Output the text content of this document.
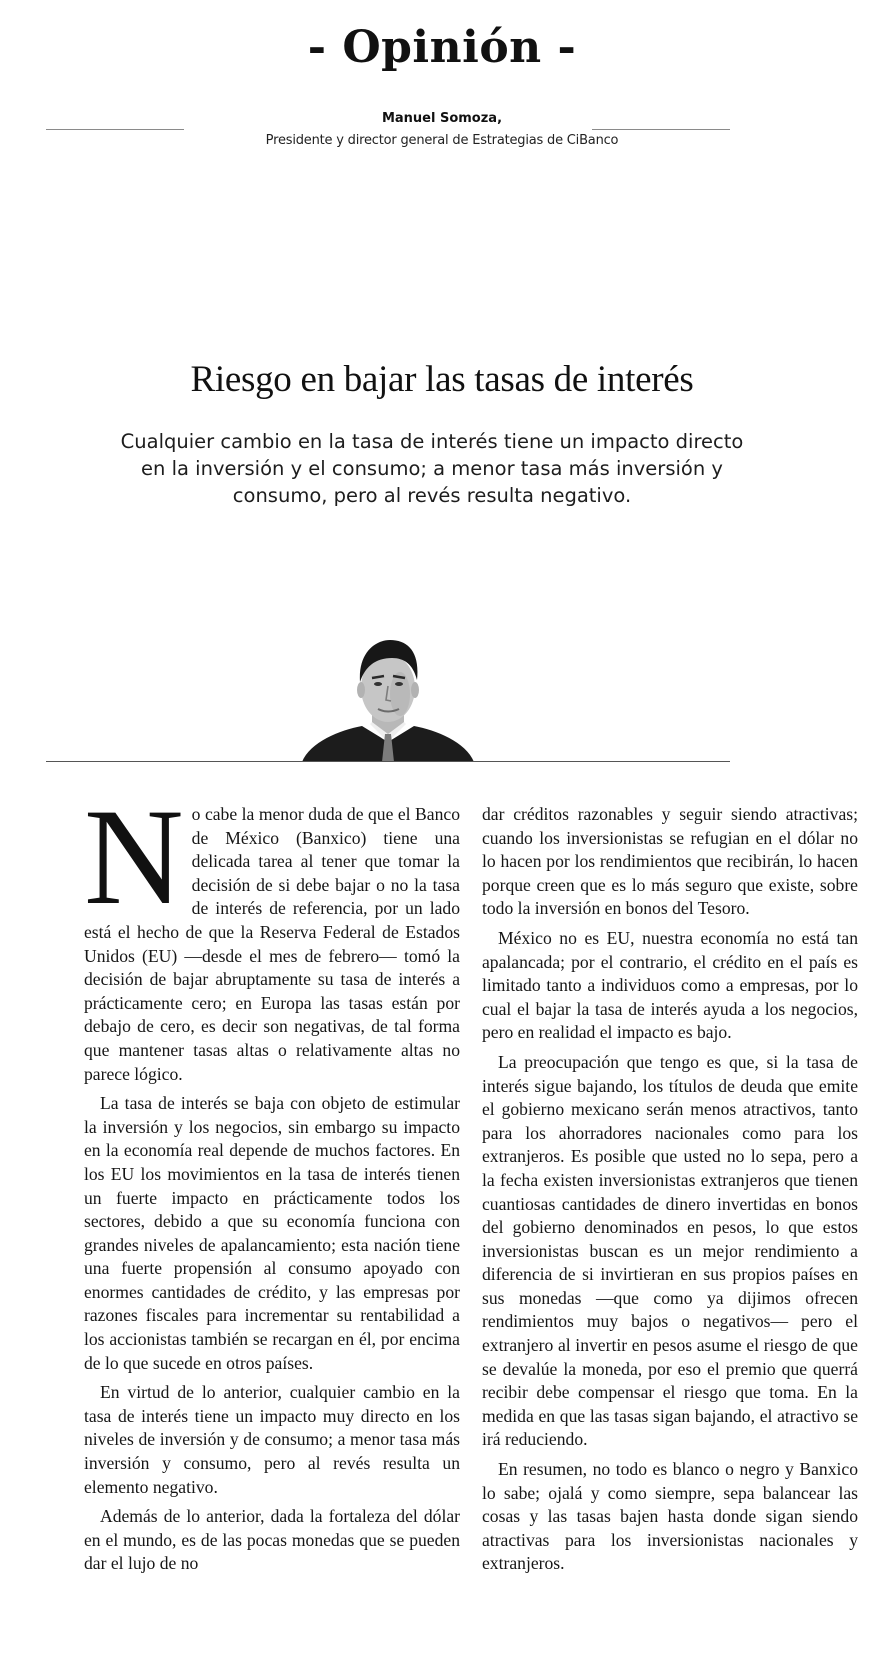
- Opinión -
Manuel Somoza,
Presidente y director general de Estrategias de CiBanco
Riesgo en bajar las tasas de interés
Cualquier cambio en la tasa de interés tiene un impacto directo en la inversión y el consumo; a menor tasa más inversión y consumo, pero al revés resulta negativo.

No cabe la menor duda de que el Banco de México (Banxico) tiene una delicada tarea al tener que tomar la decisión de si debe bajar o no la tasa de interés de referencia, por un lado está el hecho de que la Reserva Federal de Estados Unidos (EU) —desde el mes de febrero— tomó la decisión de bajar abruptamente su tasa de interés a prácticamente cero; en Europa las tasas están por debajo de cero, es decir son negativas, de tal forma que mantener tasas altas o relativamente altas no parece lógico.

La tasa de interés se baja con objeto de estimular la inversión y los negocios, sin embargo su impacto en la economía real depende de muchos factores. En los EU los movimientos en la tasa de interés tienen un fuerte impacto en prácticamente todos los sectores, debido a que su economía funciona con grandes niveles de apalancamiento; esta nación tiene una fuerte propensión al consumo apoyado con enormes cantidades de crédito, y las empresas por razones fiscales para incrementar su rentabilidad a los accionistas también se recargan en él, por encima de lo que sucede en otros países.

En virtud de lo anterior, cualquier cambio en la tasa de interés tiene un impacto muy directo en los niveles de inversión y de consumo; a menor tasa más inversión y consumo, pero al revés resulta un elemento negativo.

Además de lo anterior, dada la fortaleza del dólar en el mundo, es de las pocas monedas que se pueden dar el lujo de no

dar créditos razonables y seguir siendo atractivas; cuando los inversionistas se refugian en el dólar no lo hacen por los rendimientos que recibirán, lo hacen porque creen que es lo más seguro que existe, sobre todo la inversión en bonos del Tesoro.

México no es EU, nuestra economía no está tan apalancada; por el contrario, el crédito en el país es limitado tanto a individuos como a empresas, por lo cual el bajar la tasa de interés ayuda a los negocios, pero en realidad el impacto es bajo.

La preocupación que tengo es que, si la tasa de interés sigue bajando, los títulos de deuda que emite el gobierno mexicano serán menos atractivos, tanto para los ahorradores nacionales como para los extranjeros. Es posible que usted no lo sepa, pero a la fecha existen inversionistas extranjeros que tienen cuantiosas cantidades de dinero invertidas en bonos del gobierno denominados en pesos, lo que estos inversionistas buscan es un mejor rendimiento a diferencia de si invirtieran en sus propios países en sus monedas —que como ya dijimos ofrecen rendimientos muy bajos o negativos— pero el extranjero al invertir en pesos asume el riesgo de que se devalúe la moneda, por eso el premio que querrá recibir debe compensar el riesgo que toma. En la medida en que las tasas sigan bajando, el atractivo se irá reduciendo.

En resumen, no todo es blanco o negro y Banxico lo sabe; ojalá y como siempre, sepa balancear las cosas y las tasas bajen hasta donde sigan siendo atractivas para los inversionistas nacionales y extranjeros.
